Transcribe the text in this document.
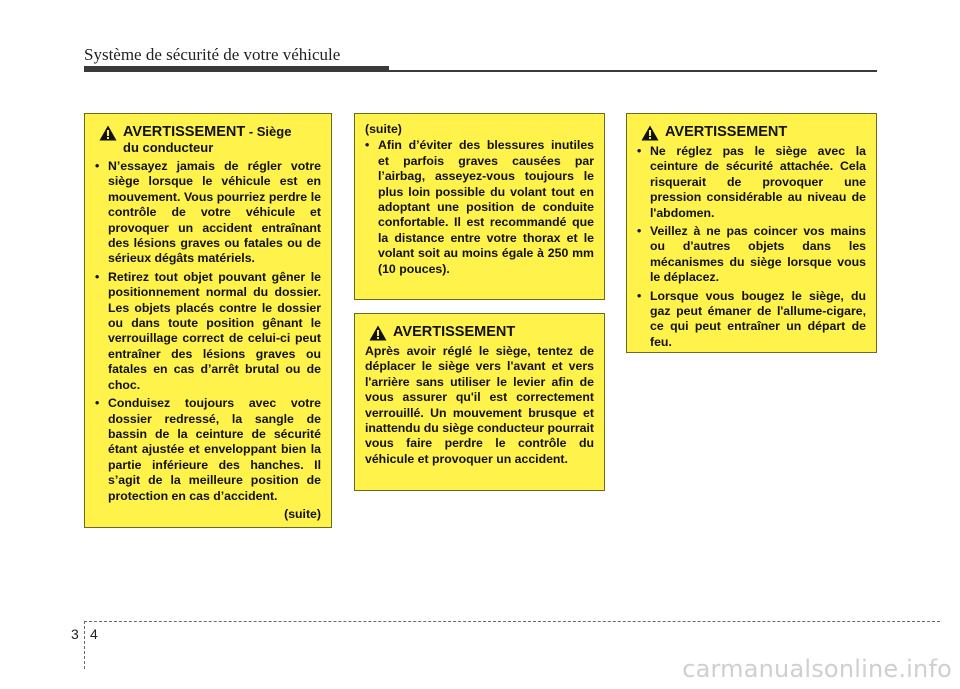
Système de sécurité de votre véhicule
AVERTISSEMENT - Siège
du conducteur
• N’essayez jamais de régler votre siège lorsque le véhicule est en mouvement. Vous pourriez perdre le contrôle de votre véhicule et provoquer un accident entraînant des lésions graves ou fatales ou de sérieux dégâts matériels.
• Retirez tout objet pouvant gêner le positionnement normal du dossier. Les objets placés contre le dossier ou dans toute position gênant le verrouillage correct de celui-ci peut entraîner des lésions graves ou fatales en cas d’arrêt brutal ou de choc.
• Conduisez toujours avec votre dossier redressé, la sangle de bassin de la ceinture de sécurité étant ajustée et enveloppant bien la partie inférieure des hanches. Il s’agit de la meilleure position de protection en cas d’accident.
(suite)
(suite)
• Afin d’éviter des blessures inutiles et parfois graves causées par l’airbag, asseyez-vous toujours le plus loin possible du volant tout en adoptant une position de conduite confortable. Il est recommandé que la distance entre votre thorax et le volant soit au moins égale à 250 mm (10 pouces).
AVERTISSEMENT
Après avoir réglé le siège, tentez de déplacer le siège vers l'avant et vers l'arrière sans utiliser le levier afin de vous assurer qu'il est correctement verrouillé. Un mouvement brusque et inattendu du siège conducteur pourrait vous faire perdre le contrôle du véhicule et provoquer un accident.
AVERTISSEMENT
• Ne réglez pas le siège avec la ceinture de sécurité attachée. Cela risquerait de provoquer une pression considérable au niveau de l'abdomen.
• Veillez à ne pas coincer vos mains ou d'autres objets dans les mécanismes du siège lorsque vous le déplacez.
• Lorsque vous bougez le siège, du gaz peut émaner de l'allume-cigare, ce qui peut entraîner un départ de feu.
3 4
carmanualsonline.info
